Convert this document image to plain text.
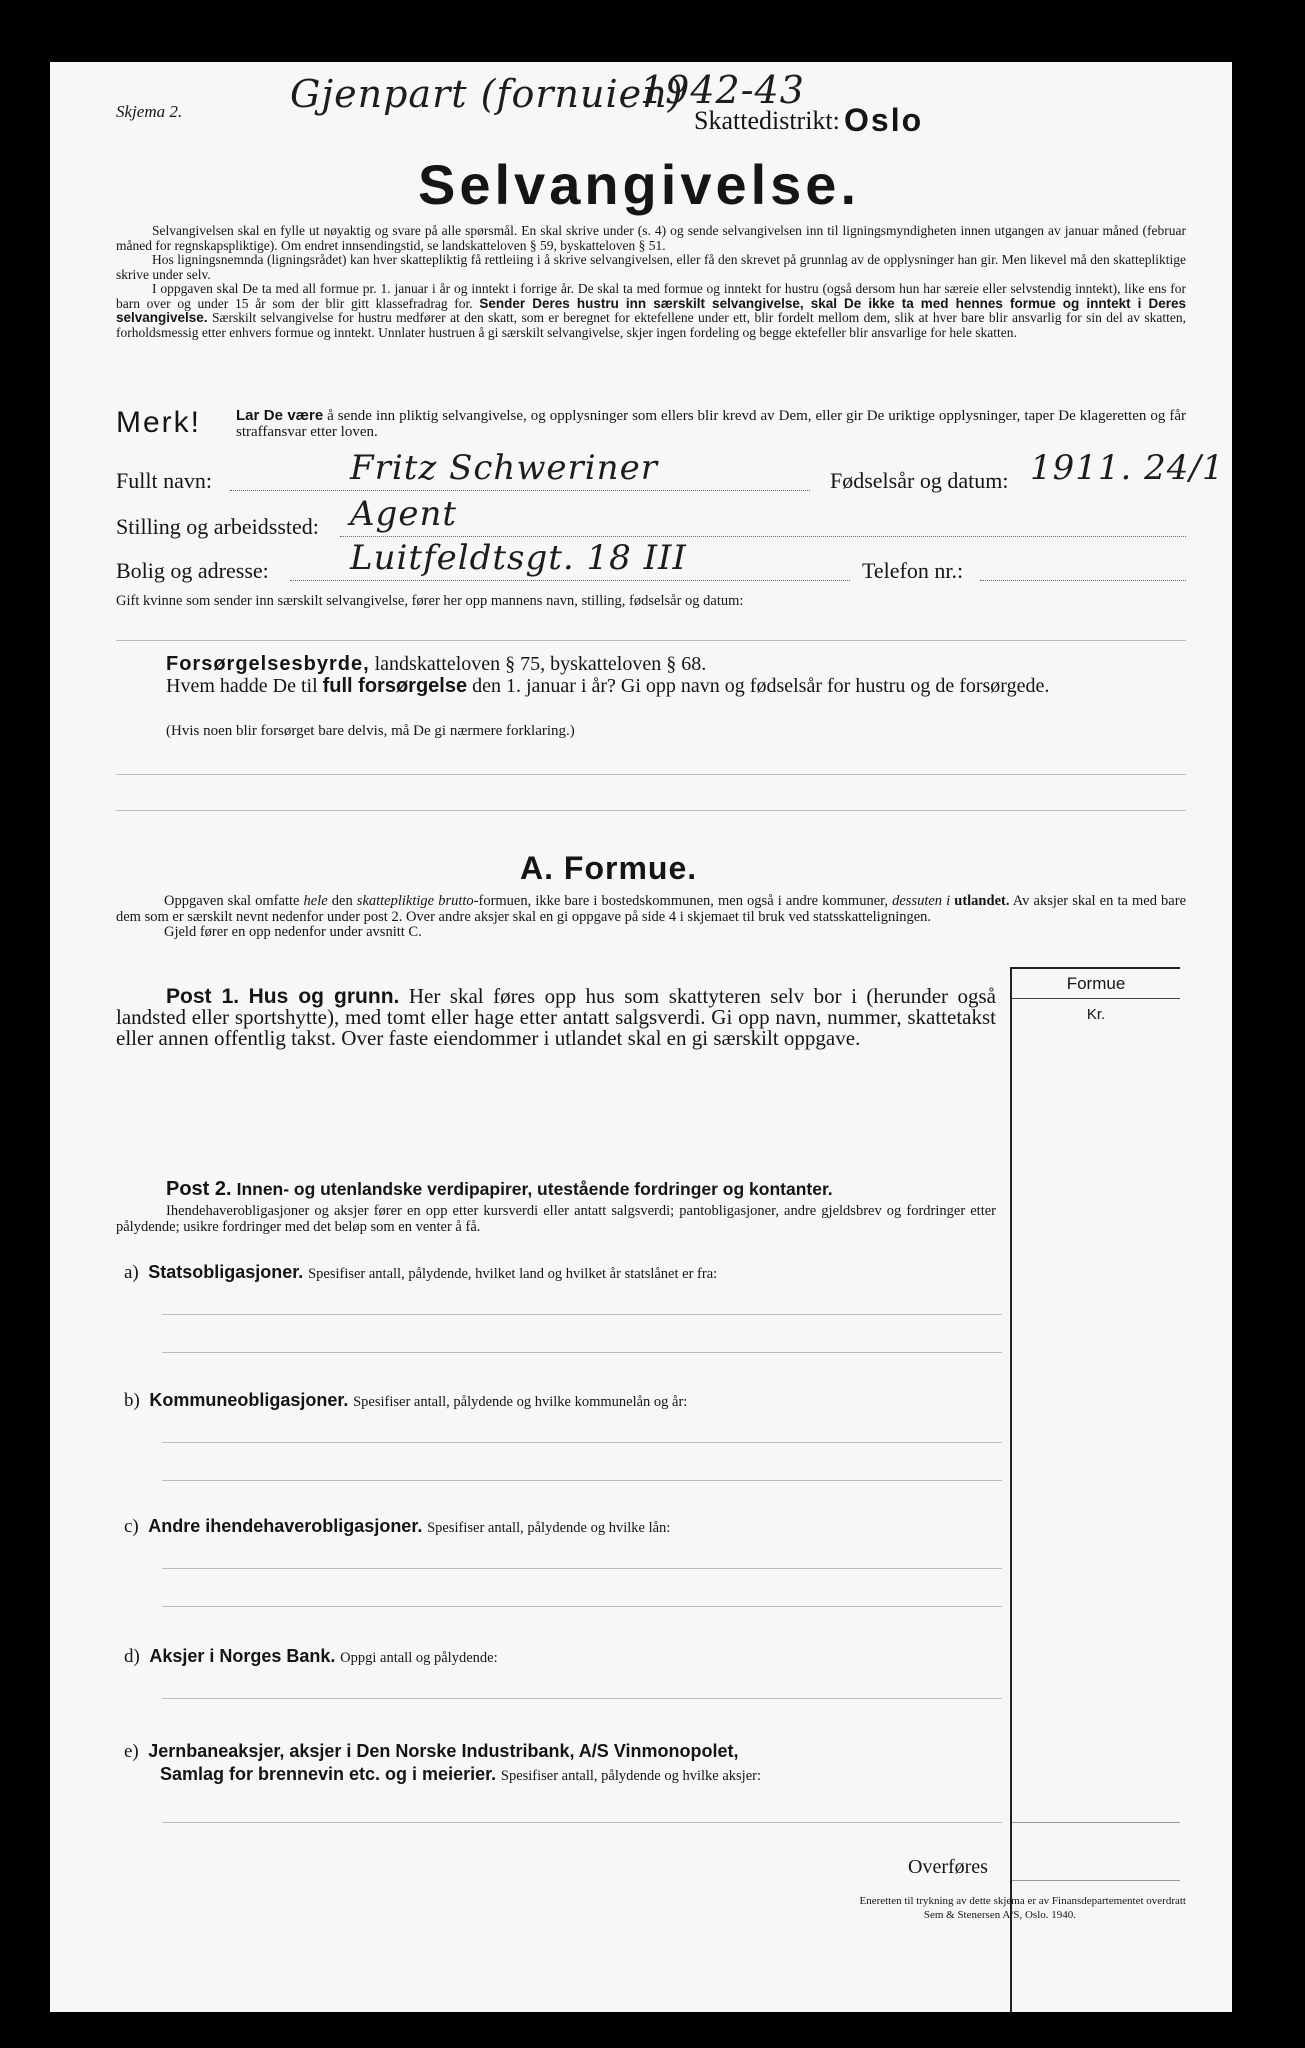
Skjema 2.	Gjenpart (fornuien)
1942-43
Skattedistrikt: Oslo
Selvangivelse.

Selvangivelsen skal en fylle ut nøyaktig og svare på alle spørsmål. En skal skrive under (s. 4) og sende selvangivelsen inn til ligningsmyndigheten innen utgangen av januar måned (februar måned for regnskapspliktige). Om endret innsendingstid, se landskatteloven § 59, byskatteloven § 51.

Hos ligningsnemnda (ligningsrådet) kan hver skattepliktig få rettleiing i å skrive selvangivelsen, eller få den skrevet på grunnlag av de opplysninger han gir. Men likevel må den skattepliktige skrive under selv.

I oppgaven skal De ta med all formue pr. 1. januar i år og inntekt i forrige år. De skal ta med formue og inntekt for hustru (også dersom hun har særeie eller selvstendig inntekt), like ens for barn over og under 15 år som der blir gitt klassefradrag for. Sender Deres hustru inn særskilt selvangivelse, skal De ikke ta med hennes formue og inntekt i Deres selvangivelse. Særskilt selvangivelse for hustru medfører at den skatt, som er beregnet for ektefellene under ett, blir fordelt mellom dem, slik at hver bare blir ansvarlig for sin del av skatten, forholdsmessig etter enhvers formue og inntekt. Unnlater hustruen å gi særskilt selvangivelse, skjer ingen fordeling og begge ektefeller blir ansvarlige for hele skatten.

Merk! Lar De være å sende inn pliktig selvangivelse, og opplysninger som ellers blir krevd av Dem, eller gir De uriktige opplysninger, taper De klageretten og får straffansvar etter loven.
Fullt navn:	Fritz Schweriner	Fødselsår og datum: 1911. 24/1
Stilling og arbeidssted: Agent
Bolig og adresse: Luitfeldtsgt. 18 III	Telefon nr.:
Gift kvinne som sender inn særskilt selvangivelse, fører her opp mannens navn, stilling, fødselsår og datum:

Forsørgelsesbyrde, landskatteloven § 75, byskatteloven § 68.

Hvem hadde De til full forsørgelse den 1. januar i år? Gi opp navn og fødselsår for hustru og de forsørgede.

(Hvis noen blir forsørget bare delvis, må De gi nærmere forklaring.)
A. Formue.

Oppgaven skal omfatte hele den skattepliktige brutto-formuen, ikke bare i bostedskommunen, men også i andre kommuner, dessuten i utlandet. Av aksjer skal en ta med bare dem som er særskilt nevnt nedenfor under post 2. Over andre aksjer skal en gi oppgave på side 4 i skjemaet til bruk ved statsskatteligningen.

Gjeld fører en opp nedenfor under avsnitt C.

Formue
Kr.

Post 1. Hus og grunn. Her skal føres opp hus som skattyteren selv bor i (herunder også landsted eller sportshytte), med tomt eller hage etter antatt salgsverdi. Gi opp navn, nummer, skattetakst eller annen offentlig takst. Over faste eiendommer i utlandet skal en gi særskilt oppgave.

Post 2. Innen- og utenlandske verdipapirer, utestående fordringer og kontanter.

Ihendehaverobligasjoner og aksjer fører en opp etter kursverdi eller antatt salgsverdi; pantobligasjoner, andre gjeldsbrev og fordringer etter pålydende; usikre fordringer med det beløp som en venter å få.

a) Statsobligasjoner. Spesifiser antall, pålydende, hvilket land og hvilket år statslånet er fra:
b) Kommuneobligasjoner. Spesifiser antall, pålydende og hvilke kommunelån og år:
c) Andre ihendehaverobligasjoner. Spesifiser antall, pålydende og hvilke lån:
d) Aksjer i Norges Bank. Oppgi antall og pålydende:

e) Jernbaneaksjer, aksjer i Den Norske Industribank, A/S Vinmonopolet,

Samlag for brennevin etc. og i meierier. Spesifiser antall, pålydende og hvilke aksjer:

Overføres

Eneretten til trykning av dette skjema er av Finansdepartementet overdratt

Sem & Stenersen A/S, Oslo. 1940.
